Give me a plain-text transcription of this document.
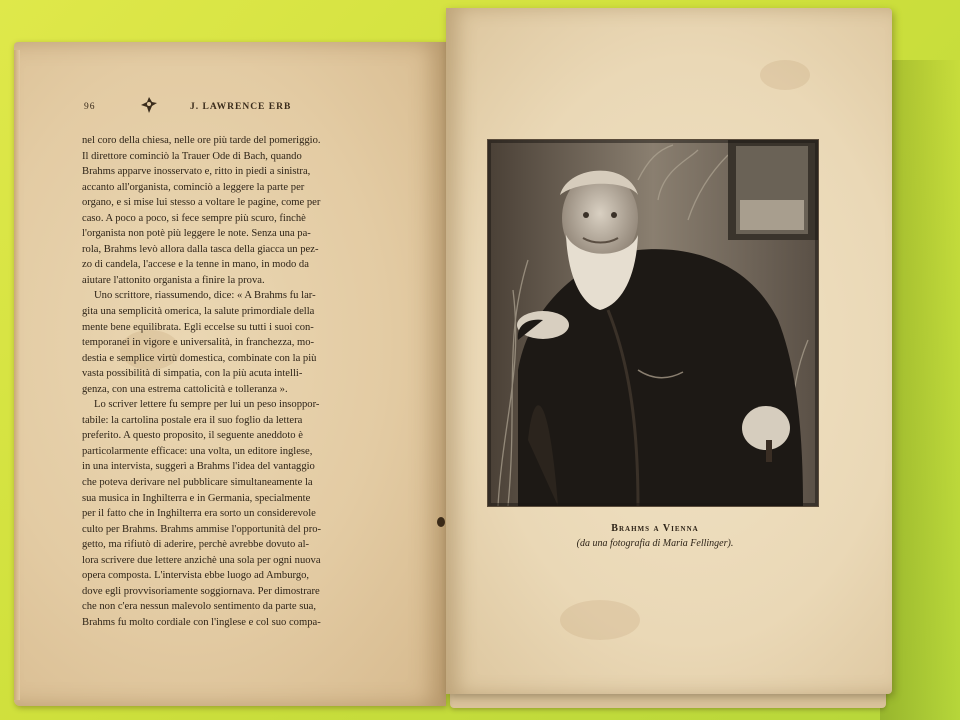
96	J. LAWRENCE ERB
nel coro della chiesa, nelle ore più tarde del pomeriggio.
Il direttore cominciò la Trauer Ode di Bach, quando
Brahms apparve inosservato e, ritto in piedi a sinistra,
accanto all'organista, cominciò a leggere la parte per
organo, e si mise lui stesso a voltare le pagine, come per
caso. A poco a poco, si fece sempre più scuro, finchè
l'organista non potè più leggere le note. Senza una pa-
rola, Brahms levò allora dalla tasca della giacca un pez-
zo di candela, l'accese e la tenne in mano, in modo da
aiutare l'attonito organista a finire la prova.
Uno scrittore, riassumendo, dice: « A Brahms fu lar-
gita una semplicità omerica, la salute primordiale della
mente bene equilibrata. Egli eccelse su tutti i suoi con-
temporanei in vigore e universalità, in franchezza, mo-
destia e semplice virtù domestica, combinate con la più
vasta possibilità di simpatia, con la più acuta intelli-
genza, con una estrema cattolicità e tolleranza ».
Lo scriver lettere fu sempre per lui un peso insoppor-
tabile: la cartolina postale era il suo foglio da lettera
preferito. A questo proposito, il seguente aneddoto è
particolarmente efficace: una volta, un editore inglese,
in una intervista, suggerì a Brahms l'idea del vantaggio
che poteva derivare nel pubblicare simultaneamente la
sua musica in Inghilterra e in Germania, specialmente
per il fatto che in Inghilterra era sorto un considerevole
culto per Brahms. Brahms ammise l'opportunità del pro-
getto, ma rifiutò di aderire, perchè avrebbe dovuto al-
lora scrivere due lettere anzichè una sola per ogni nuova
opera composta. L'intervista ebbe luogo ad Amburgo,
dove egli provvisoriamente soggiornava. Per dimostrare
che non c'era nessun malevolo sentimento da parte sua,
Brahms fu molto cordiale con l'inglese e col suo compa-
Brahms a Vienna
(da una fotografia di Maria Fellinger).
